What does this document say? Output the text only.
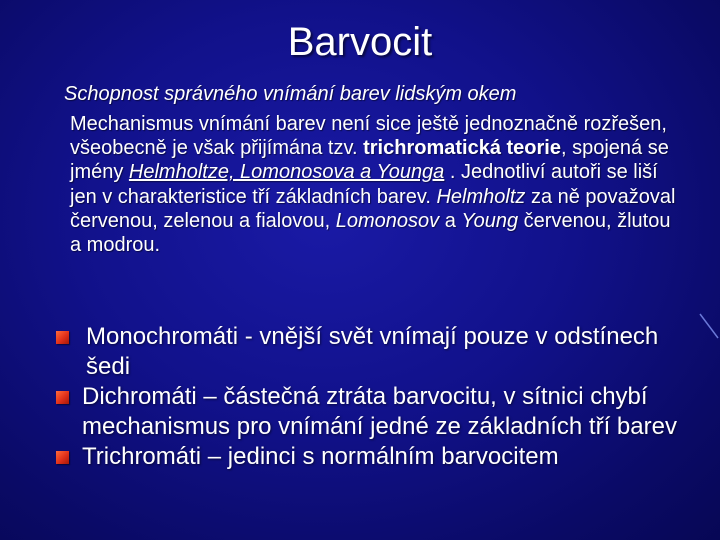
Barvocit
Schopnost správného vnímání barev lidským okem
Mechanismus vnímání barev není sice ještě jednoznačně rozřešen, všeobecně je však přijímána tzv. trichromatická teorie, spojená se jmény Helmholtze, Lomonosova a Younga . Jednotliví autoři se liší jen v charakteristice tří základních barev. Helmholtz za ně považoval červenou, zelenou a fialovou, Lomonosov a Young červenou, žlutou a modrou.
Monochromáti - vnější svět vnímají pouze v odstínech šedi
Dichromáti – částečná ztráta barvocitu, v sítnici chybí mechanismus pro vnímání jedné ze základních tří barev
Trichromáti – jedinci s normálním barvocitem
